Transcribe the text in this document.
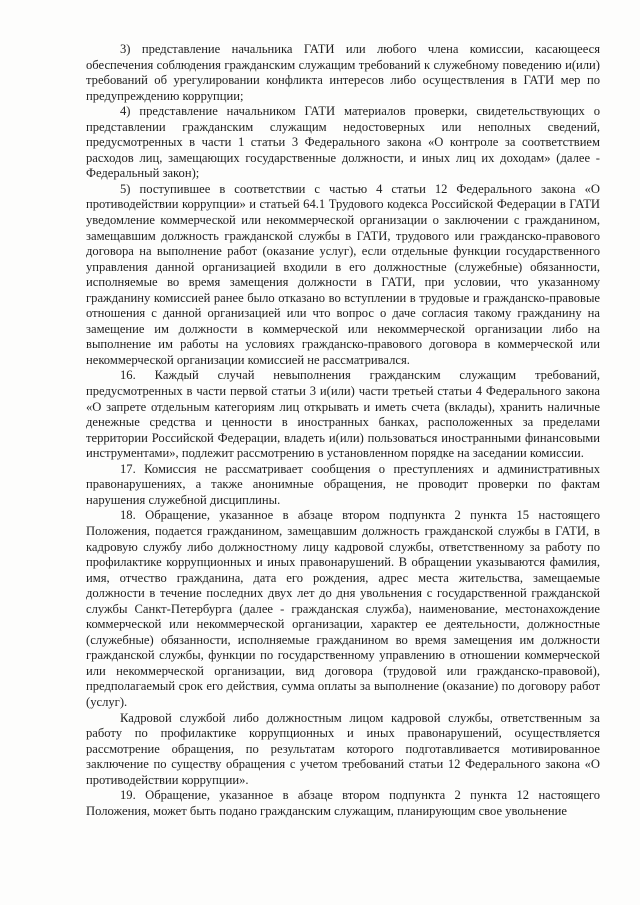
3) представление начальника ГАТИ или любого члена комиссии, касающееся обеспечения соблюдения гражданским служащим требований к служебному поведению и(или) требований об урегулировании конфликта интересов либо осуществления в ГАТИ мер по предупреждению коррупции;

4) представление начальником ГАТИ материалов проверки, свидетельствующих о представлении гражданским служащим недостоверных или неполных сведений, предусмотренных в части 1 статьи 3 Федерального закона «О контроле за соответствием расходов лиц, замещающих государственные должности, и иных лиц их доходам» (далее - Федеральный закон);

5) поступившее в соответствии с частью 4 статьи 12 Федерального закона «О противодействии коррупции» и статьей 64.1 Трудового кодекса Российской Федерации в ГАТИ уведомление коммерческой или некоммерческой организации о заключении с гражданином, замещавшим должность гражданской службы в ГАТИ, трудового или гражданско-правового договора на выполнение работ (оказание услуг), если отдельные функции государственного управления данной организацией входили в его должностные (служебные) обязанности, исполняемые во время замещения должности в ГАТИ, при условии, что указанному гражданину комиссией ранее было отказано во вступлении в трудовые и гражданско-правовые отношения с данной организацией или что вопрос о даче согласия такому гражданину на замещение им должности в коммерческой или некоммерческой организации либо на выполнение им работы на условиях гражданско-правового договора в коммерческой или некоммерческой организации комиссией не рассматривался.

16. Каждый случай невыполнения гражданским служащим требований, предусмотренных в части первой статьи 3 и(или) части третьей статьи 4 Федерального закона «О запрете отдельным категориям лиц открывать и иметь счета (вклады), хранить наличные денежные средства и ценности в иностранных банках, расположенных за пределами территории Российской Федерации, владеть и(или) пользоваться иностранными финансовыми инструментами», подлежит рассмотрению в установленном порядке на заседании комиссии.

17. Комиссия не рассматривает сообщения о преступлениях и административных правонарушениях, а также анонимные обращения, не проводит проверки по фактам нарушения служебной дисциплины.

18. Обращение, указанное в абзаце втором подпункта 2 пункта 15 настоящего Положения, подается гражданином, замещавшим должность гражданской службы в ГАТИ, в кадровую службу либо должностному лицу кадровой службы, ответственному за работу по профилактике коррупционных и иных правонарушений. В обращении указываются фамилия, имя, отчество гражданина, дата его рождения, адрес места жительства, замещаемые должности в течение последних двух лет до дня увольнения с государственной гражданской службы Санкт-Петербурга (далее - гражданская служба), наименование, местонахождение коммерческой или некоммерческой организации, характер ее деятельности, должностные (служебные) обязанности, исполняемые гражданином во время замещения им должности гражданской службы, функции по государственному управлению в отношении коммерческой или некоммерческой организации, вид договора (трудовой или гражданско-правовой), предполагаемый срок его действия, сумма оплаты за выполнение (оказание) по договору работ (услуг).

Кадровой службой либо должностным лицом кадровой службы, ответственным за работу по профилактике коррупционных и иных правонарушений, осуществляется рассмотрение обращения, по результатам которого подготавливается мотивированное заключение по существу обращения с учетом требований статьи 12 Федерального закона «О противодействии коррупции».

19. Обращение, указанное в абзаце втором подпункта 2 пункта 12 настоящего Положения, может быть подано гражданским служащим, планирующим свое увольнение
